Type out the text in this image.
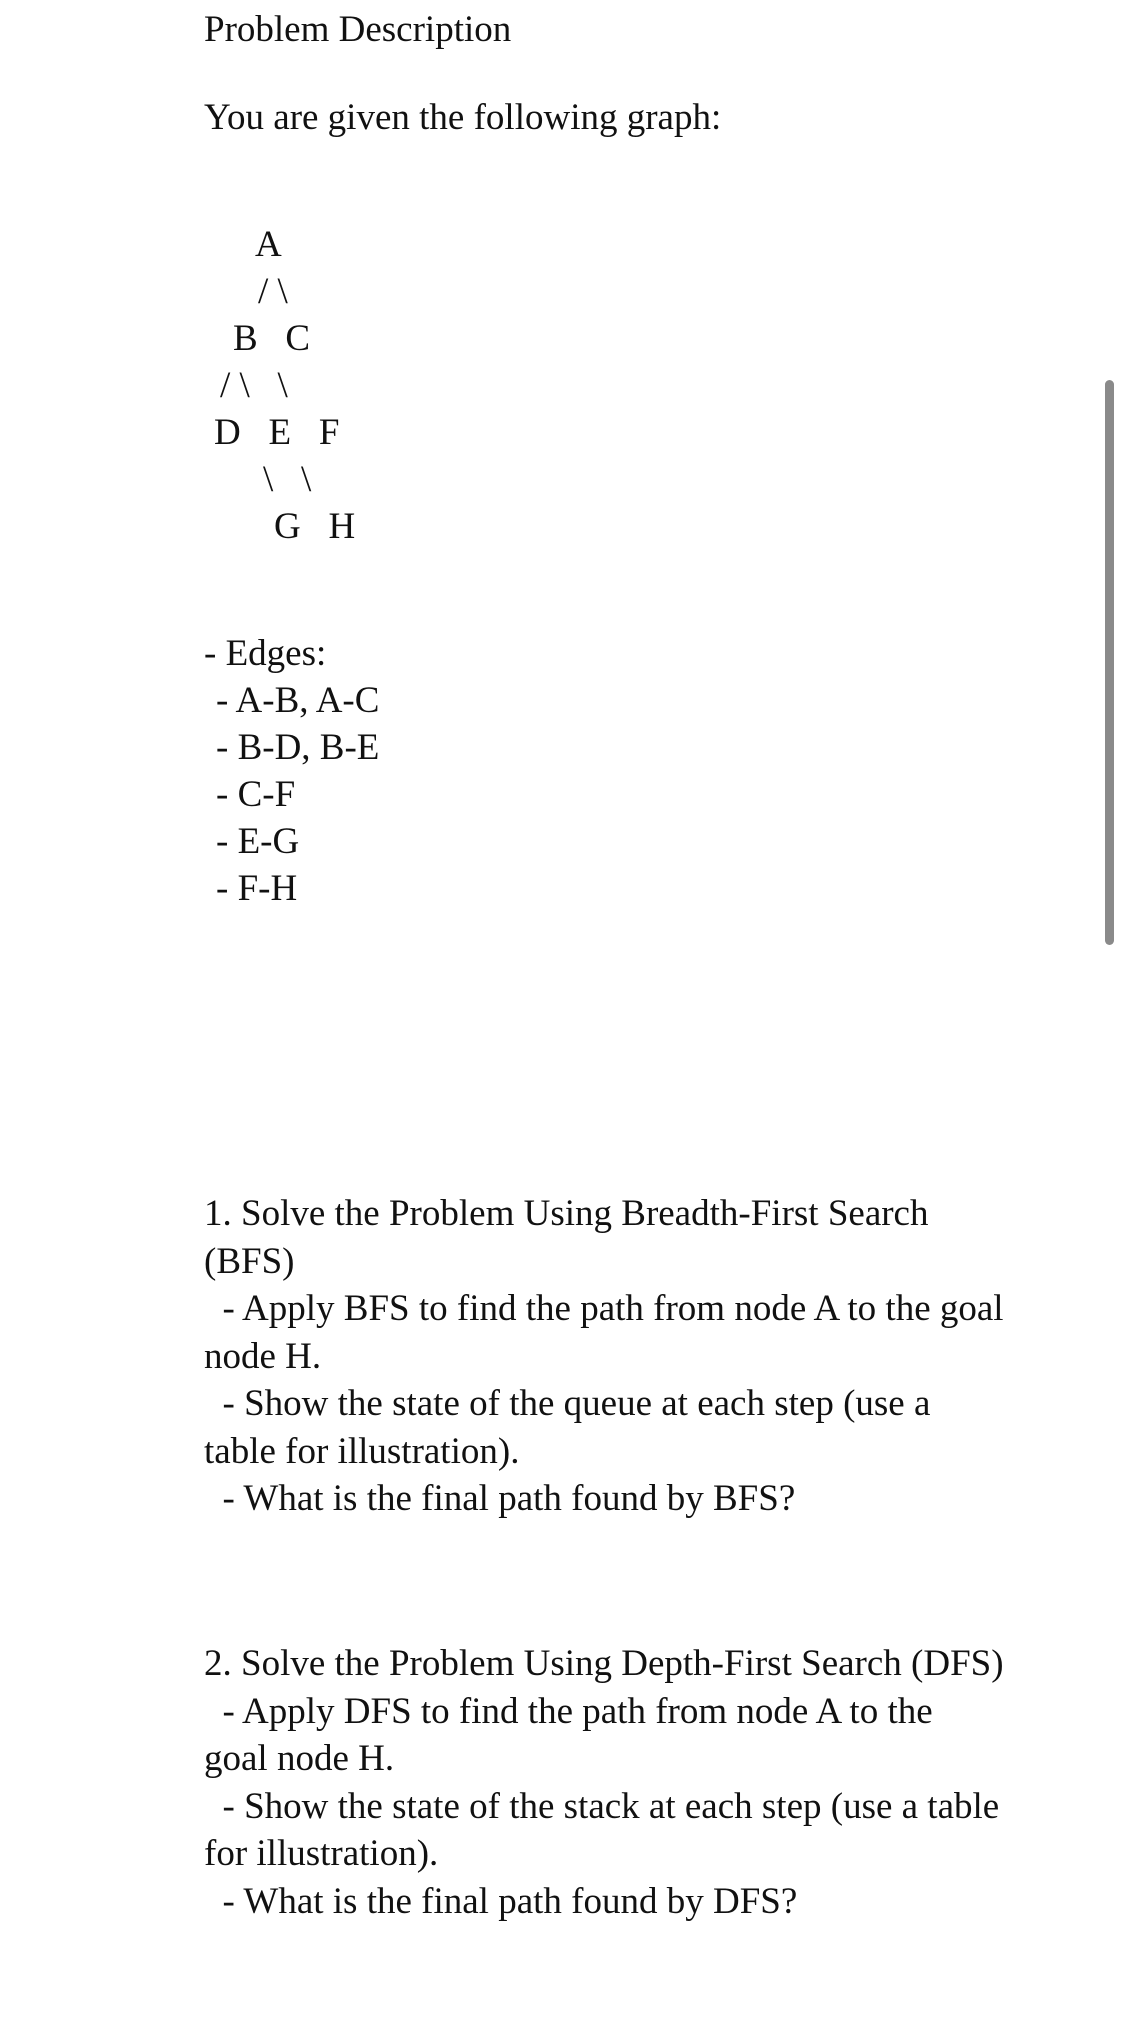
Problem Description
You are given the following graph:
A
/ \
B   C
/ \   \
D   E   F
\   \
G   H
- Edges:
- A-B, A-C
- B-D, B-E
- C-F
- E-G
- F-H
1. Solve the Problem Using Breadth-First Search (BFS)
- Apply BFS to find the path from node A to the goal node H.
- Show the state of the queue at each step (use a table for illustration).
- What is the final path found by BFS?
2. Solve the Problem Using Depth-First Search (DFS)
- Apply DFS to find the path from node A to the goal node H.
- Show the state of the stack at each step (use a table for illustration).
- What is the final path found by DFS?
